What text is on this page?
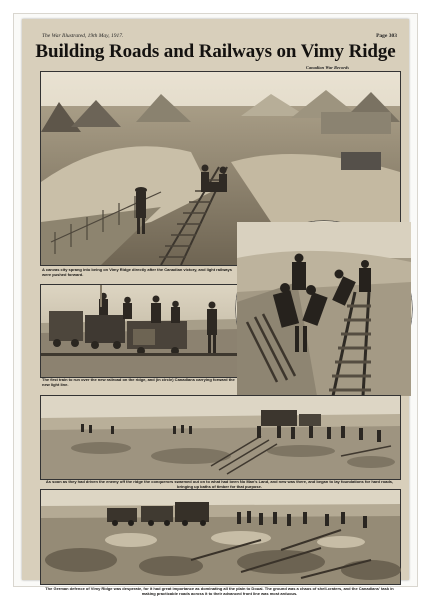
The War Illustrated, 19th May, 1917.	Page 303
Building Roads and Railways on Vimy Ridge
Canadian War Records
A canvas city sprang into being on Vimy Ridge directly after the Canadian victory, and light railways were pushed forward.
The first train to run over the new railroad on the ridge, and (in circle) Canadians carrying forward the new light line.
As soon as they had driven the enemy off the ridge the conquerors swarmed out on to what had been No Man's Land, and new was there, and began to lay foundations for hard roads, bringing up baths of timber for that purpose.
The German defence of Vimy Ridge was desperate, for it had great importance as dominating all the plain to Douai. The ground was a chaos of shell-craters, and the Canadians' task in making practicable roads across it to their advanced front line was most arduous.
